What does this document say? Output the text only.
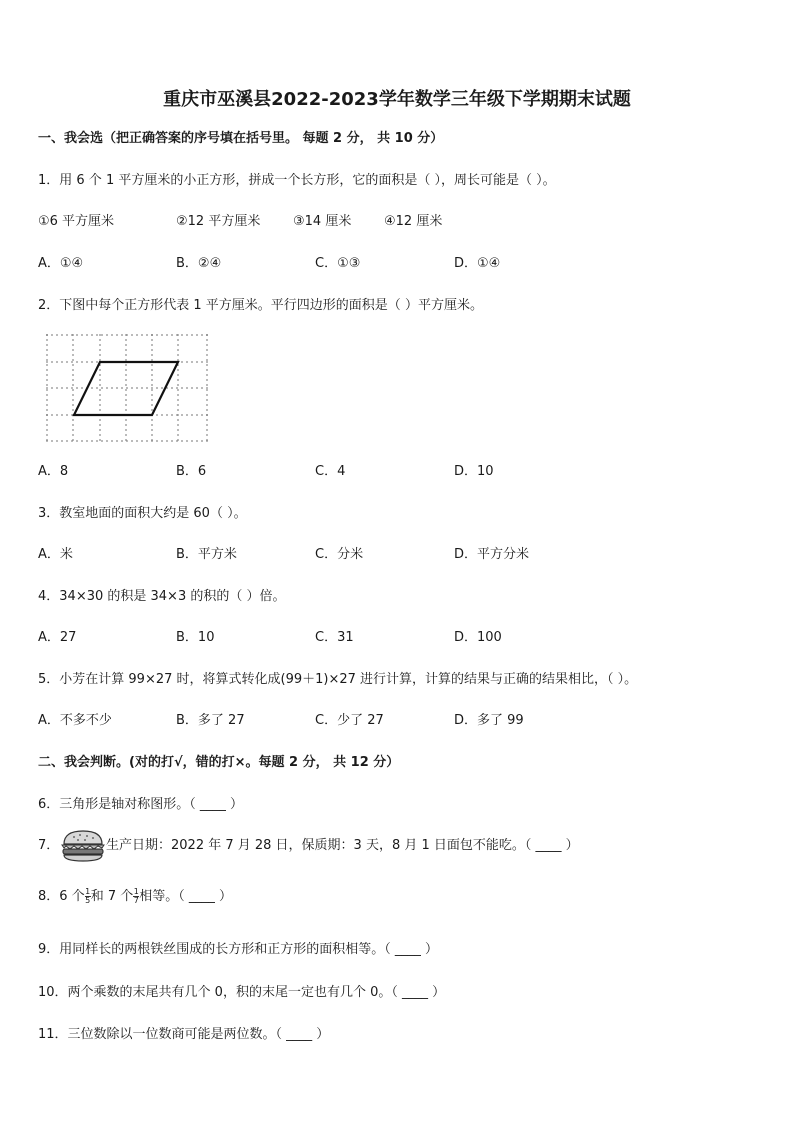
重庆市巫溪县2022-2023学年数学三年级下学期期末试题
一、我会选（把正确答案的序号填在括号里。 每题 2 分， 共 10 分）
1．用 6 个 1 平方厘米的小正方形，拼成一个长方形，它的面积是（ ），周长可能是（ ）。
①6 平方厘米	②12 平方厘米	③14 厘米	④12 厘米
A．①④	B．②④	C．①③	D．①④
2．下图中每个正方形代表 1 平方厘米。平行四边形的面积是（ ）平方厘米。
A．8	B．6	C．4	D．10
3．教室地面的面积大约是 60（ ）。
A．米	B．平方米	C．分米	D．平方分米
4．34×30 的积是 34×3 的积的（ ）倍。
A．27	B．10	C．31	D．100
5．小芳在计算 99×27 时，将算式转化成(99＋1)×27 进行计算，计算的结果与正确的结果相比，（ ）。
A．不多不少	B．多了 27	C．少了 27	D．多了 99
二、我会判断。(对的打√，错的打×。每题 2 分， 共 12 分）
6．三角形是轴对称图形。（ ____ ）
7．	生产日期：2022 年 7 月 28 日，保质期：3 天，8 月 1 日面包不能吃。（ ____ ）
8．6 个 $\frac{1}{5}$ 和 7 个 $\frac{1}{7}$ 相等。（ ____ ）
9．用同样长的两根铁丝围成的长方形和正方形的面积相等。（ ____ ）
10．两个乘数的末尾共有几个 0，积的末尾一定也有几个 0。（ ____ ）
11．三位数除以一位数商可能是两位数。（ ____ ）
